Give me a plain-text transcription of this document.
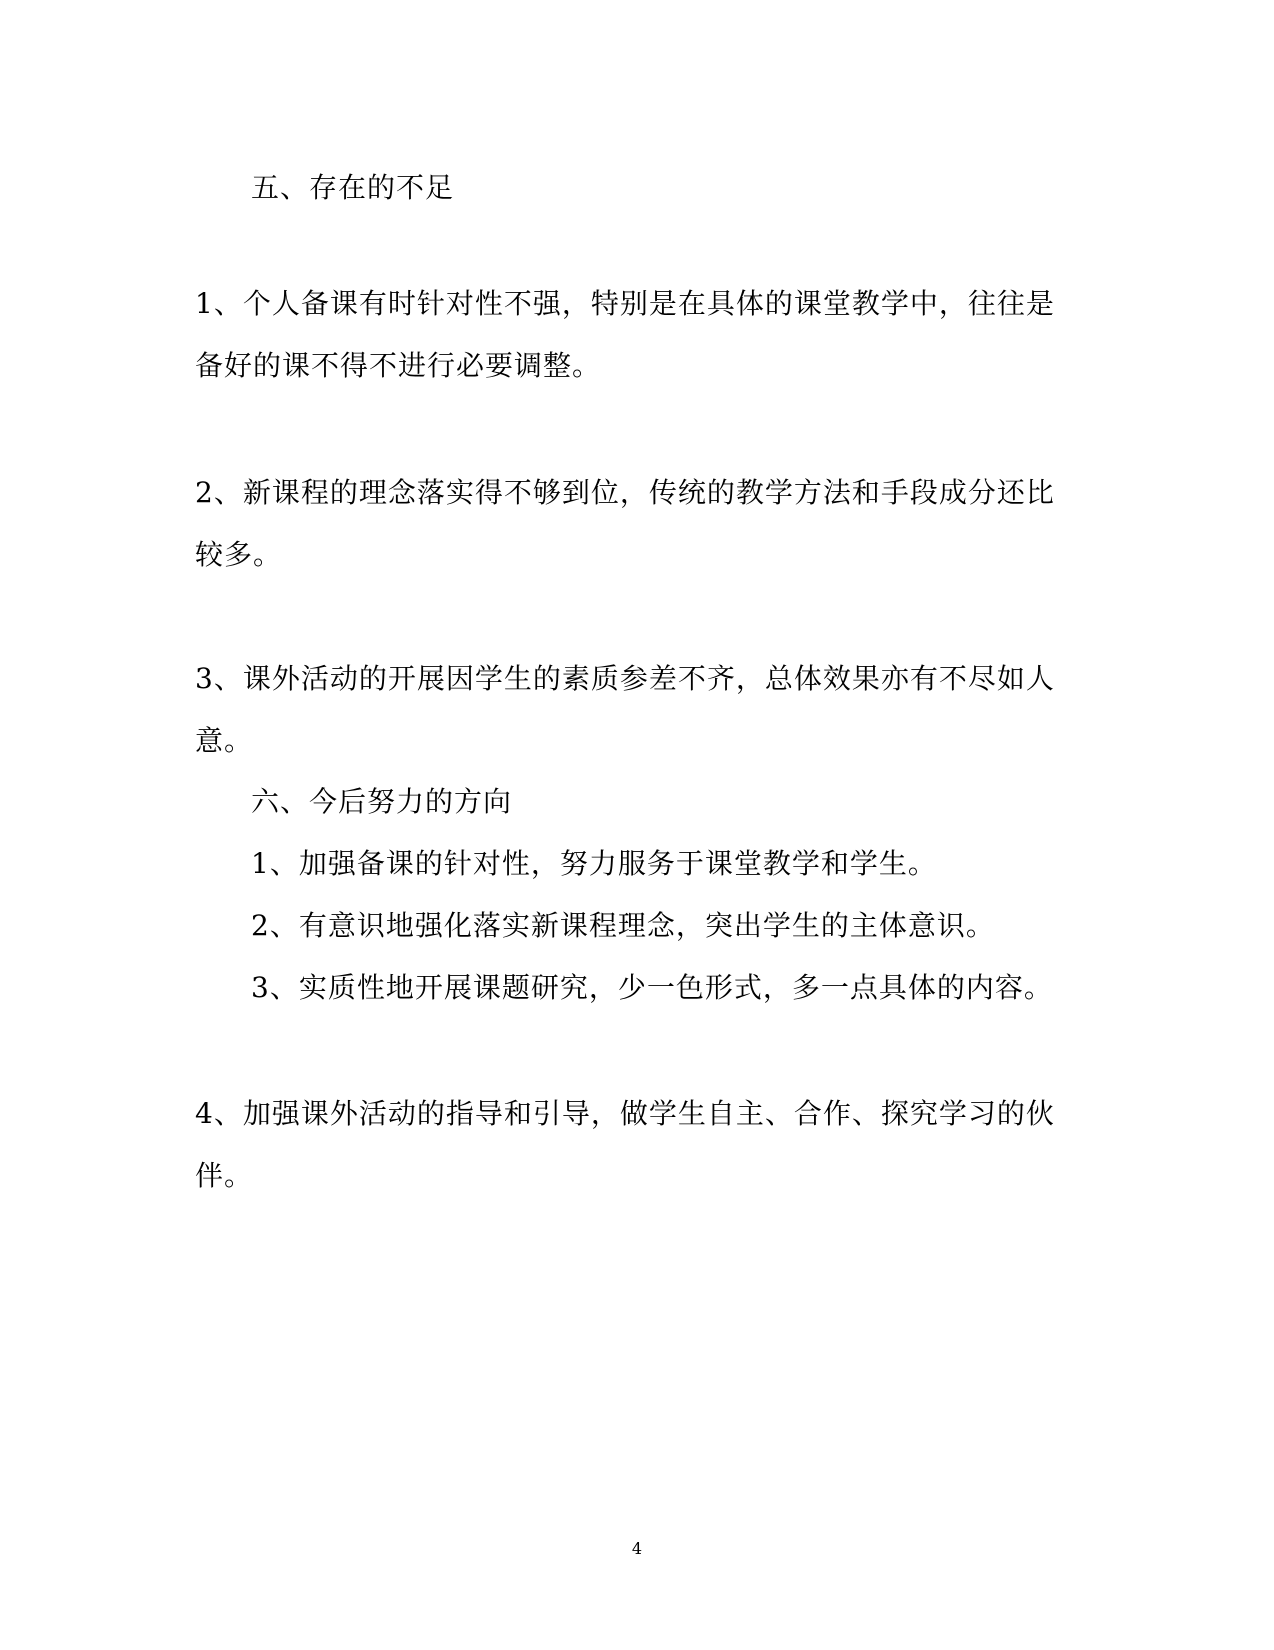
五、存在的不足
1、个人备课有时针对性不强，特别是在具体的课堂教学中，往往是
备好的课不得不进行必要调整。
2、新课程的理念落实得不够到位，传统的教学方法和手段成分还比
较多。
3、课外活动的开展因学生的素质参差不齐，总体效果亦有不尽如人
意。
六、今后努力的方向
1、加强备课的针对性，努力服务于课堂教学和学生。
2、有意识地强化落实新课程理念，突出学生的主体意识。
3、实质性地开展课题研究，少一色形式，多一点具体的内容。
4、加强课外活动的指导和引导，做学生自主、合作、探究学习的伙
伴。
4
